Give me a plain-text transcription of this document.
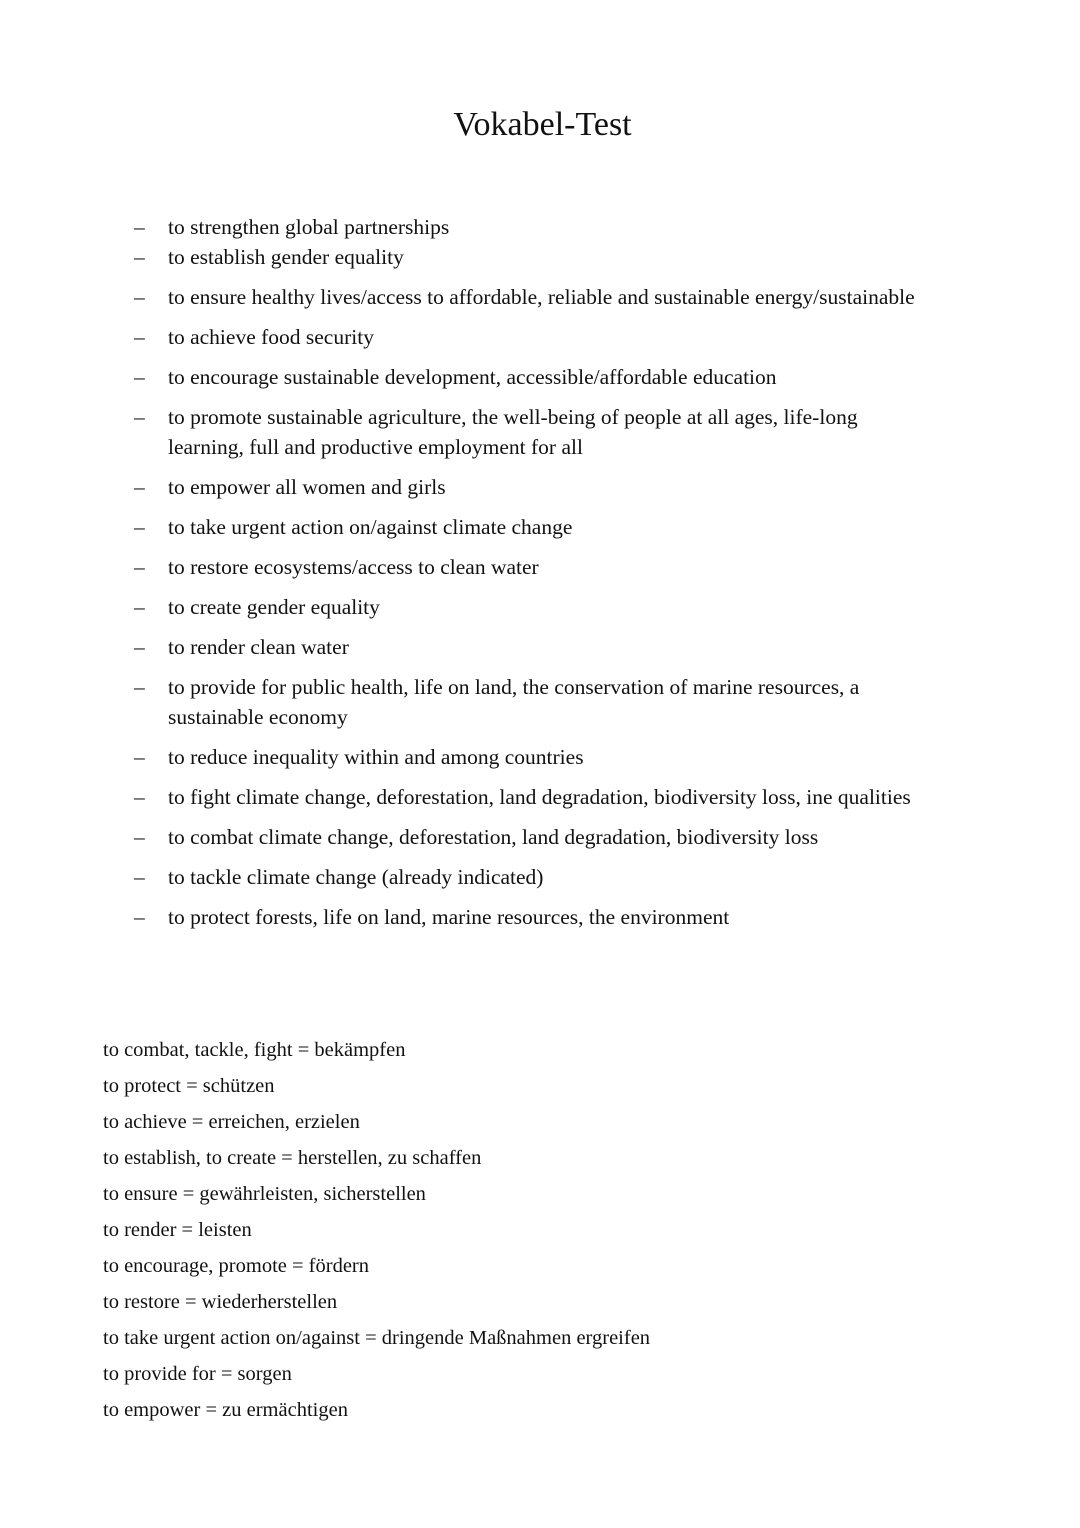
Vokabel-Test
–	to strengthen global partnerships
–	to establish gender equality
–	to ensure healthy lives/access to affordable, reliable and sustainable energy/sustainable
–	to achieve food security
–	to encourage sustainable development, accessible/affordable education
–	to promote sustainable agriculture, the well-being of people at all ages, life-long learning, full and productive employment for all
–	to empower all women and girls
–	to take urgent action on/against climate change
–	to restore ecosystems/access to clean water
–	to create gender equality
–	to render clean water
–	to provide for public health, life on land, the conservation of marine resources, a sustainable economy
–	to reduce inequality within and among countries
–	to fight climate change, deforestation, land degradation, biodiversity loss, ine qualities
–	to combat climate change, deforestation, land degradation, biodiversity loss
–	to tackle climate change (already indicated)
–	to protect forests, life on land, marine resources, the environment
to combat, tackle, fight = bekämpfen
to protect = schützen
to achieve = erreichen, erzielen
to establish, to create = herstellen, zu schaffen
to ensure = gewährleisten, sicherstellen
to render = leisten
to encourage, promote = fördern
to restore = wiederherstellen
to take urgent action on/against = dringende Maßnahmen ergreifen
to provide for = sorgen
to empower = zu ermächtigen
